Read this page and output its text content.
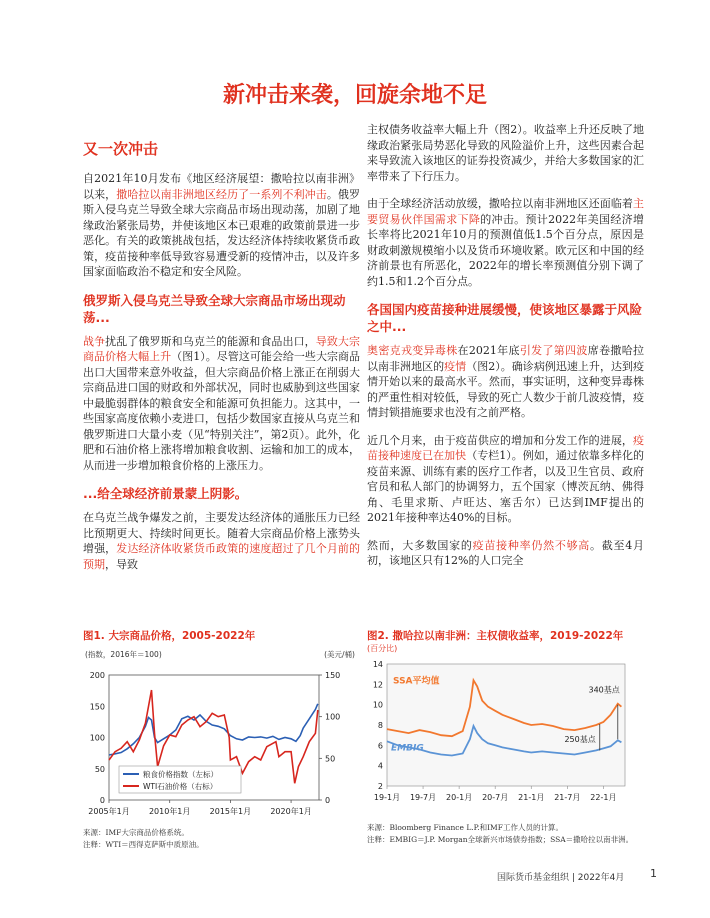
新冲击来袭，回旋余地不足
又一次冲击

自2021年10月发布《地区经济展望：撒哈拉以南非洲》以来，撒哈拉以南非洲地区经历了一系列不利冲击。俄罗斯入侵乌克兰导致全球大宗商品市场出现动荡，加剧了地缘政治紧张局势，并使该地区本已艰难的政策前景进一步恶化。有关的政策挑战包括，发达经济体持续收紧货币政策，疫苗接种率低导致容易遭受新的疫情冲击，以及许多国家面临政治不稳定和安全风险。

俄罗斯入侵乌克兰导致全球大宗商品市场出现动荡...

战争扰乱了俄罗斯和乌克兰的能源和食品出口，导致大宗商品价格大幅上升（图1）。尽管这可能会给一些大宗商品出口大国带来意外收益，但大宗商品价格上涨正在削弱大宗商品进口国的财政和外部状况，同时也威胁到这些国家中最脆弱群体的粮食安全和能源可负担能力。这其中，一些国家高度依赖小麦进口，包括少数国家直接从乌克兰和俄罗斯进口大量小麦（见“特别关注”，第2页）。此外，化肥和石油价格上涨将增加粮食收割、运输和加工的成本，从而进一步增加粮食价格的上涨压力。

...给全球经济前景蒙上阴影。

在乌克兰战争爆发之前，主要发达经济体的通胀压力已经比预期更大、持续时间更长。随着大宗商品价格上涨势头增强，发达经济体收紧货币政策的速度超过了几个月前的预期，导致

主权债务收益率大幅上升（图2）。收益率上升还反映了地缘政治紧张局势恶化导致的风险溢价上升，这些因素合起来导致流入该地区的证券投资减少，并给大多数国家的汇率带来了下行压力。

由于全球经济活动放缓，撒哈拉以南非洲地区还面临着主要贸易伙伴国需求下降的冲击。预计2022年美国经济增长率将比2021年10月的预测值低1.5个百分点，原因是财政刺激规模缩小以及货币环境收紧。欧元区和中国的经济前景也有所恶化，2022年的增长率预测值分别下调了约1.5和1.2个百分点。

各国国内疫苗接种进展缓慢，使该地区暴露于风险之中...

奥密克戎变异毒株在2021年底引发了第四波席卷撒哈拉以南非洲地区的疫情（图2）。确诊病例迅速上升，达到疫情开始以来的最高水平。然而，事实证明，这种变异毒株的严重性相对较低，导致的死亡人数少于前几波疫情，疫情封锁措施要求也没有之前严格。

近几个月来，由于疫苗供应的增加和分发工作的进展，疫苗接种速度已在加快（专栏1）。例如，通过依靠多样化的疫苗来源、训练有素的医疗工作者，以及卫生官员、政府官员和私人部门的协调努力，五个国家（博茨瓦纳、佛得角、毛里求斯、卢旺达、塞舌尔）已达到IMF提出的2021年接种率达40%的目标。

然而，大多数国家的疫苗接种率仍然不够高。截至4月初，该地区只有12%的人口完全

图1. 大宗商品价格，2005-2022年
(指数，2016年＝100)	(美元/桶)
0
50
100
150
200
0
50
100
150
2005年1月 2010年1月 2015年1月 2020年1月
粮食价格指数（左标）
WTI石油价格（右标）
来源：IMF大宗商品价格系统。
注释：WTI＝西得克萨斯中质原油。
图2. 撒哈拉以南非洲：主权债收益率，2019-2022年
(百分比)
2
4
6
8
10
12
14
19-1月 19-7月 20-1月 20-7月 21-1月 21-7月 22-1月
SSA平均值
EMBIG
250基点
340基点
来源：Bloomberg Finance L.P.和IMF工作人员的计算。
注释：EMBIG＝J.P. Morgan全球新兴市场债券指数；SSA＝撒哈拉以南非洲。
国际货币基金组织 | 2022年4月 1
